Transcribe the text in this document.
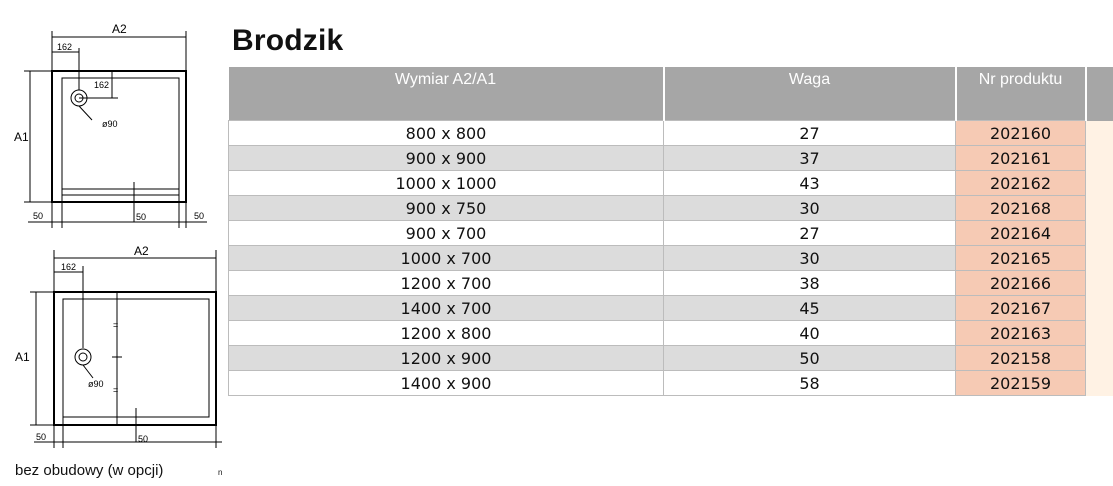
A2
A1
162
162
ø90
50	50	50
A2
A1
162
ø90
50	50
=
=
bez obudowy (w opcji)	n
Brodzik
Wymiar A2/A1	Waga	Nr produktu	
800 x 800	27	202160	
900 x 900	37	202161	
1000 x 1000	43	202162	
900 x 750	30	202168	
900 x 700	27	202164	
1000 x 700	30	202165	
1200 x 700	38	202166	
1400 x 700	45	202167	
1200 x 800	40	202163	
1200 x 900	50	202158	
1400 x 900	58	202159	
